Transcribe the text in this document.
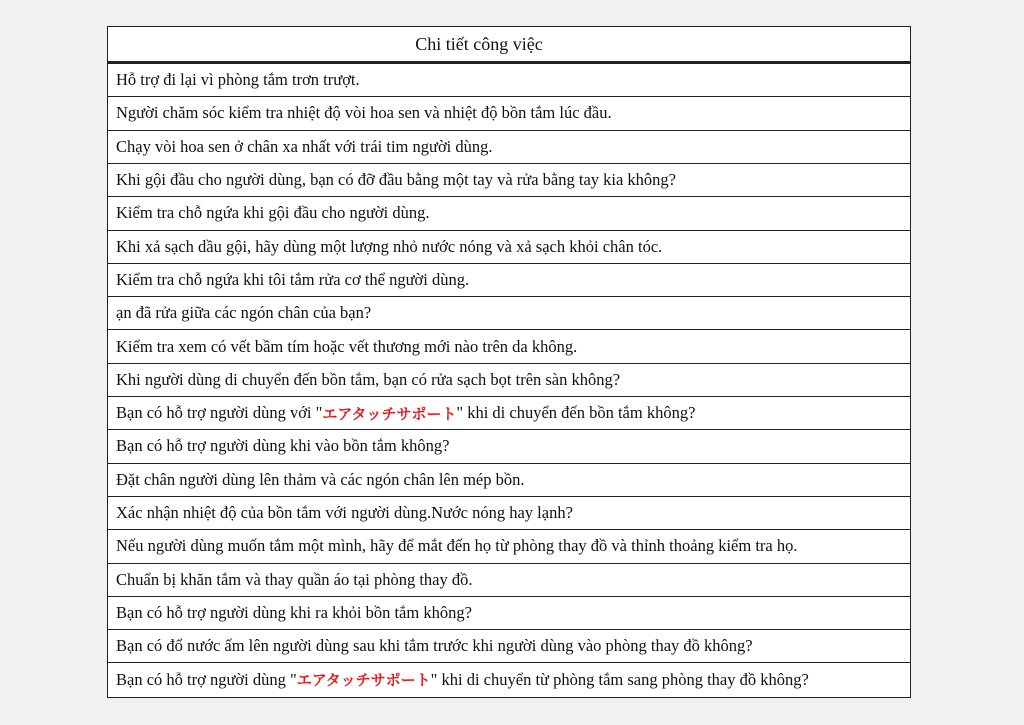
Chi tiết công việc
Hỗ trợ đi lại vì phòng tắm trơn trượt.
Người chăm sóc kiểm tra nhiệt độ vòi hoa sen và nhiệt độ bồn tắm lúc đầu.
Chạy vòi hoa sen ở chân xa nhất với trái tim người dùng.
Khi gội đầu cho người dùng, bạn có đỡ đầu bằng một tay và rửa bằng tay kia không?
Kiểm tra chỗ ngứa khi gội đầu cho người dùng.
Khi xả sạch dầu gội, hãy dùng một lượng nhỏ nước nóng và xả sạch khỏi chân tóc.
Kiểm tra chỗ ngứa khi tôi tắm rửa cơ thể người dùng.
ạn đã rửa giữa các ngón chân của bạn?
Kiểm tra xem có vết bầm tím hoặc vết thương mới nào trên da không.
Khi người dùng di chuyển đến bồn tắm, bạn có rửa sạch bọt trên sàn không?
Bạn có hỗ trợ người dùng với " エアタッチサポート " khi di chuyển đến bồn tắm không?
Bạn có hỗ trợ người dùng khi vào bồn tắm không?
Đặt chân người dùng lên thảm và các ngón chân lên mép bồn.
Xác nhận nhiệt độ của bồn tắm với người dùng.Nước nóng hay lạnh?
Nếu người dùng muốn tắm một mình, hãy để mắt đến họ từ phòng thay đồ và thỉnh thoảng kiểm tra họ.
Chuẩn bị khăn tắm và thay quần áo tại phòng thay đồ.
Bạn có hỗ trợ người dùng khi ra khỏi bồn tắm không?
Bạn có đổ nước ấm lên người dùng sau khi tắm trước khi người dùng vào phòng thay đồ không?
Bạn có hỗ trợ người dùng " エアタッチサポート " khi di chuyển từ phòng tắm sang phòng thay đồ không?
